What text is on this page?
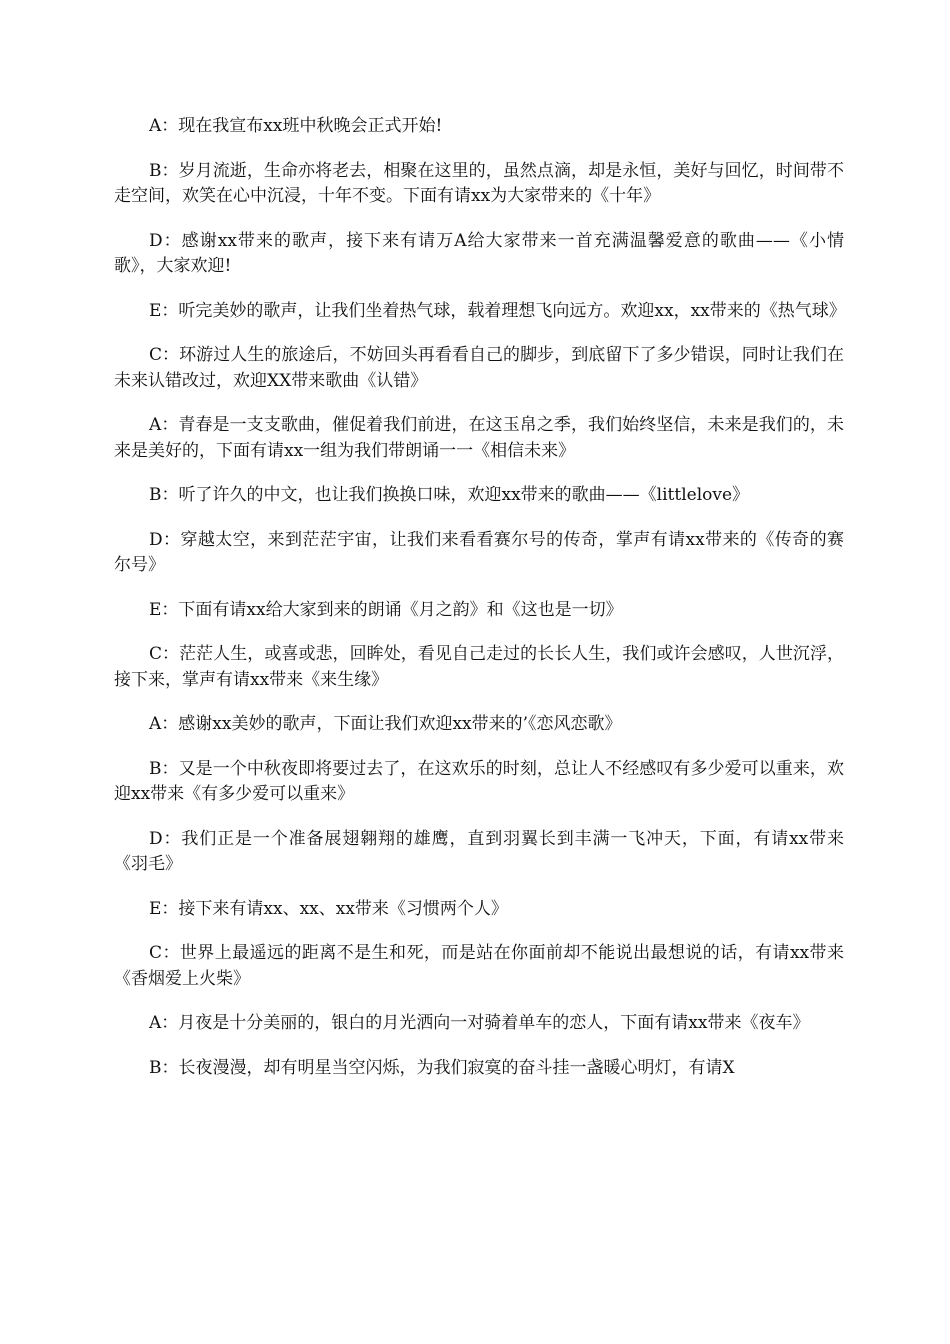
A：现在我宣布xx班中秋晚会正式开始!

B：岁月流逝，生命亦将老去，相聚在这里的，虽然点滴，却是永恒，美好与回忆，时间带不走空间，欢笑在心中沉浸，十年不变。下面有请xx为大家带来的《十年》

D：感谢xx带来的歌声，接下来有请万A给大家带来一首充满温馨爱意的歌曲——《小情歌》，大家欢迎!

E：听完美妙的歌声，让我们坐着热气球，载着理想飞向远方。欢迎xx，xx带来的《热气球》

C：环游过人生的旅途后，不妨回头再看看自己的脚步，到底留下了多少错误，同时让我们在未来认错改过，欢迎XX带来歌曲《认错》

A：青春是一支支歌曲，催促着我们前进，在这玉帛之季，我们始终坚信，未来是我们的，未来是美好的，下面有请xx一组为我们带朗诵一一《相信未来》

B：听了许久的中文，也让我们换换口味，欢迎xx带来的歌曲——《littlelove》

D：穿越太空，来到茫茫宇宙，让我们来看看赛尔号的传奇，掌声有请xx带来的《传奇的赛尔号》

E：下面有请xx给大家到来的朗诵《月之韵》和《这也是一切》

C：茫茫人生，或喜或悲，回眸处，看见自己走过的长长人生，我们或许会感叹，人世沉浮，接下来，掌声有请xx带来《来生缘》

A：感谢xx美妙的歌声，下面让我们欢迎xx带来的’《恋风恋歌》

B：又是一个中秋夜即将要过去了，在这欢乐的时刻，总让人不经感叹有多少爱可以重来，欢迎xx带来《有多少爱可以重来》

D：我们正是一个准备展翅翱翔的雄鹰，直到羽翼长到丰满一飞冲天，下面，有请xx带来《羽毛》

E：接下来有请xx、xx、xx带来《习惯两个人》

C：世界上最遥远的距离不是生和死，而是站在你面前却不能说出最想说的话，有请xx带来《香烟爱上火柴》

A：月夜是十分美丽的，银白的月光洒向一对骑着单车的恋人，下面有请xx带来《夜车》

B：长夜漫漫，却有明星当空闪烁，为我们寂寞的奋斗挂一盏暖心明灯，有请X
